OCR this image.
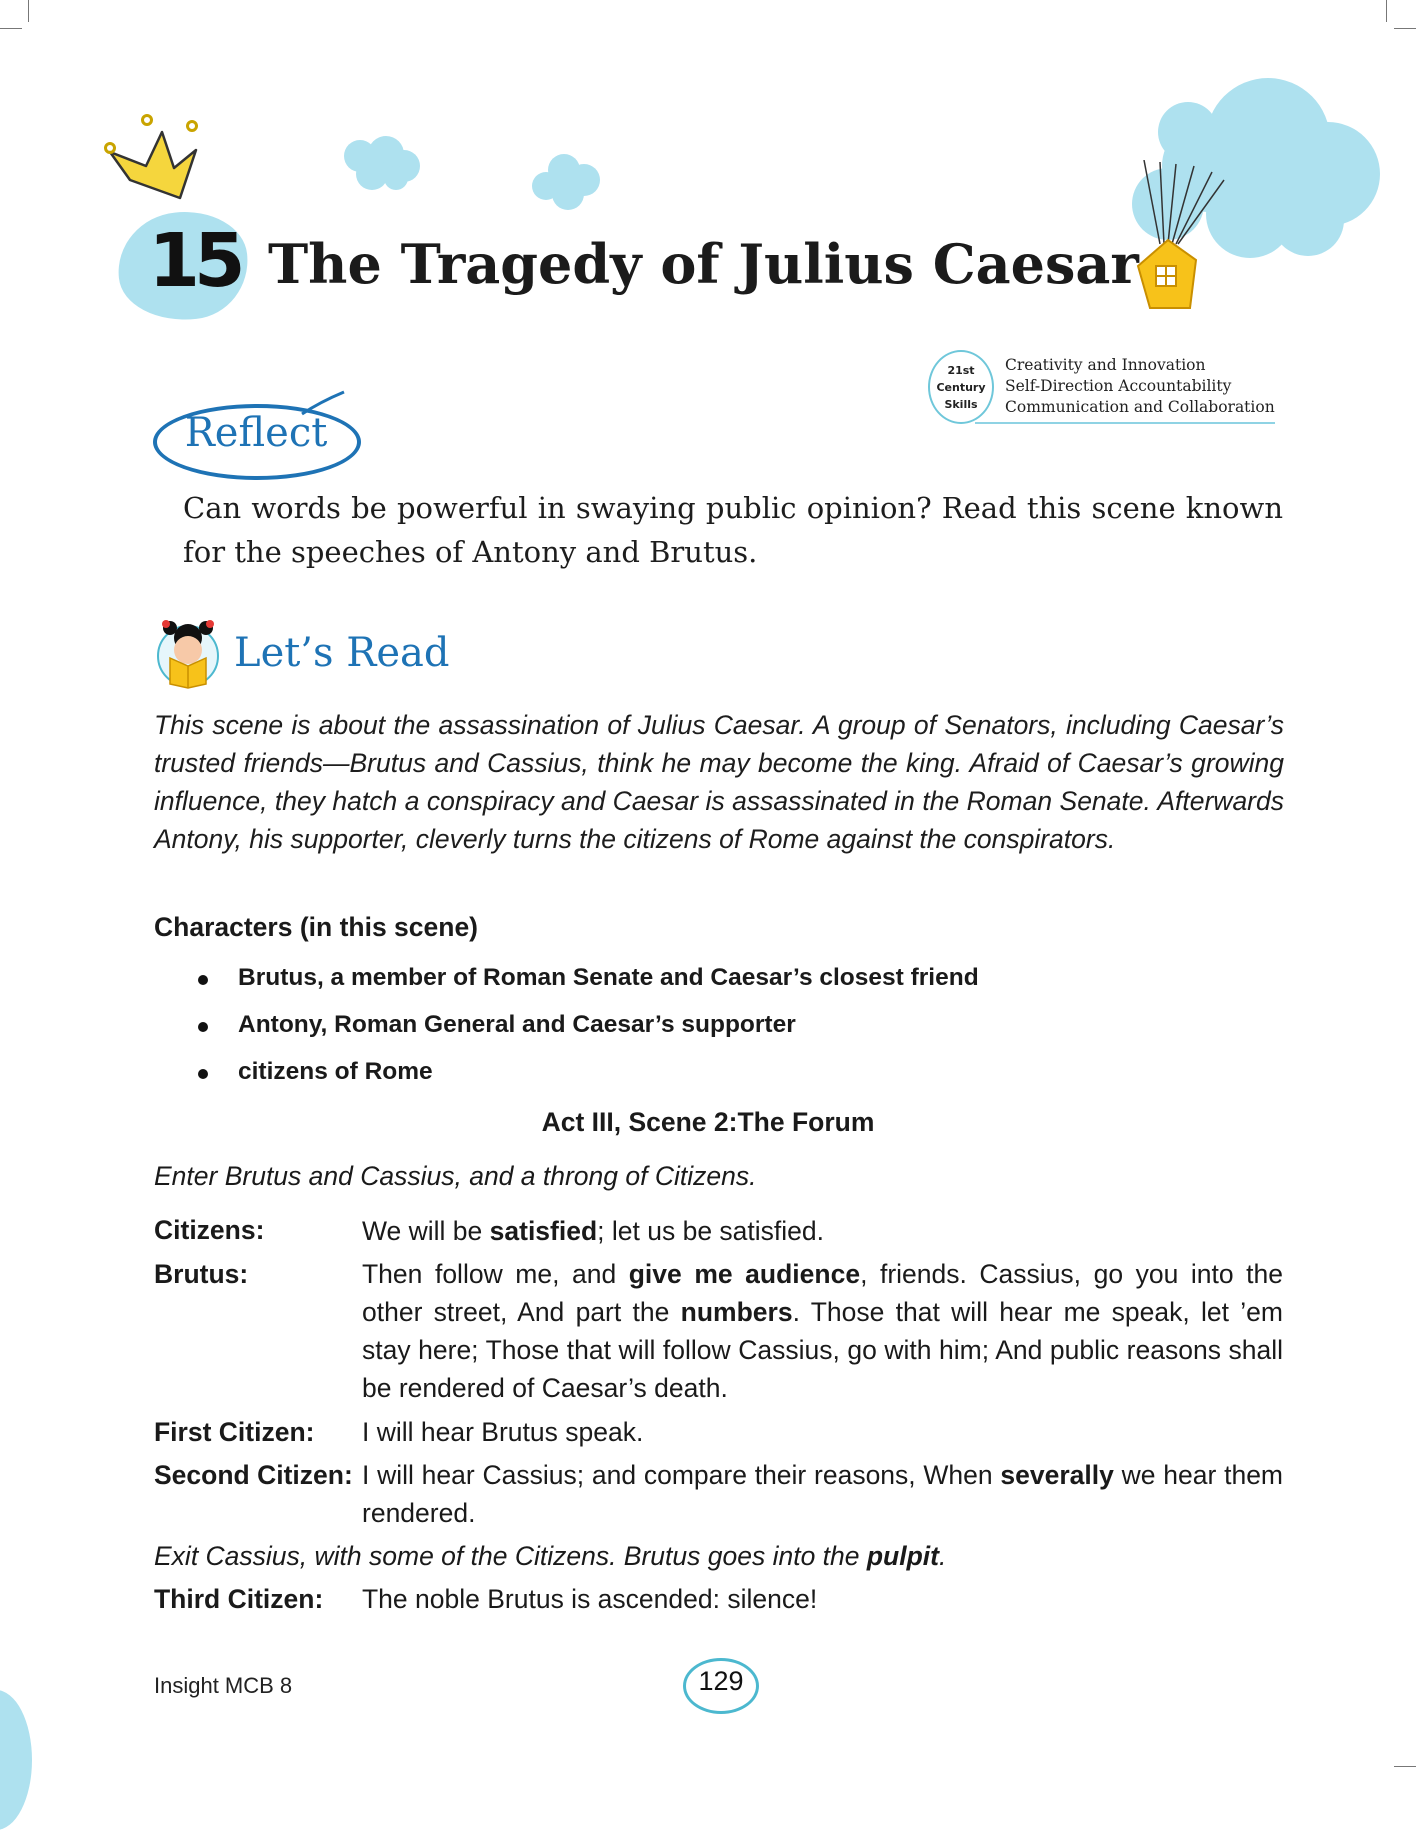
15 The Tragedy of Julius Caesar
21st
Century
Skills
Creativity and Innovation
Self-Direction Accountability
Communication and Collaboration
Reflect
Can words be powerful in swaying public opinion? Read this scene known for the speeches of Antony and Brutus.
Let’s Read
This scene is about the assassination of Julius Caesar. A group of Senators, including Caesar’s trusted friends—Brutus and Cassius, think he may become the king. Afraid of Caesar’s growing influence, they hatch a conspiracy and Caesar is assassinated in the Roman Senate. Afterwards Antony, his supporter, cleverly turns the citizens of Rome against the conspirators.
Characters (in this scene)
Brutus, a member of Roman Senate and Caesar’s closest friend
Antony, Roman General and Caesar’s supporter
citizens of Rome
Act III, Scene 2:The Forum
Enter Brutus and Cassius, and a throng of Citizens.
Citizens:	We will be satisfied; let us be satisfied.
Brutus:	Then follow me, and give me audience, friends. Cassius, go you into the other street, And part the numbers. Those that will hear me speak, let ’em stay here; Those that will follow Cassius, go with him; And public reasons shall be rendered of Caesar’s death.
First Citizen: I will hear Brutus speak.
Second Citizen: I will hear Cassius; and compare their reasons, When severally we hear them rendered.
Exit Cassius, with some of the Citizens. Brutus goes into the pulpit.
Third Citizen: The noble Brutus is ascended: silence!
Insight MCB 8	129
